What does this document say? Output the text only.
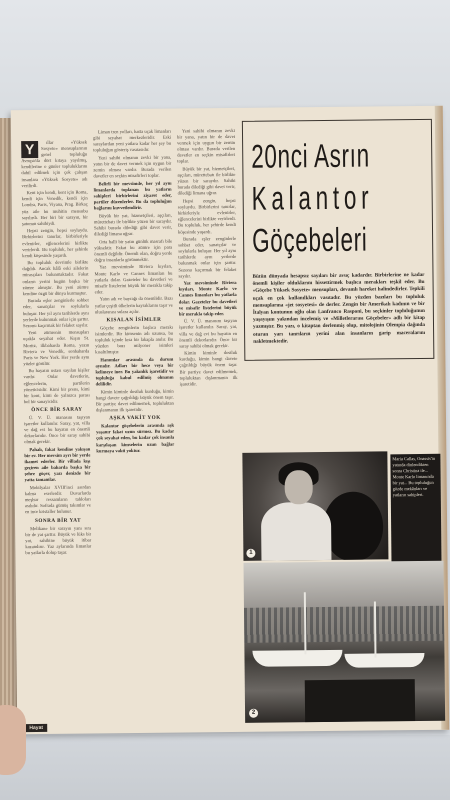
Y	ıllar «Yüksek Sosyete» mensuplarının genel topluluğu Avrupa'da dört kıtaya yayılmış, kendilerine o günler topluluklarını dahil edilmek için çok çalışan insanlara «Yüksek Sosyete» adı verilirdi.

Kent için kendi, kent için Roma, kendi için Venedik, kendi için Londra, Paris, Viyana, Prag. Birkaç yüz aile bu muhitin mensubu sayılırdı. Her biri bir sarayın, bir şatonun sahibiydi.

Hepsi zengin, hepsi soyluydu. Birbirlerini tanırlar, birbirleriyle evlenirler, eğlencelerini birlikte verirlerdi. Bu topluluk, her şehirde kendi köşesinde yaşardı.

Bu topluluk devrimle birlikte dağıldı. Ancak hâlâ eski ailelerin mirasçıları bulunmaktadır. Fakat onların yerini bugün başka bir zümre almıştır. Bu yeni zümre kendine özgü bir dünya kurmuştur.

Burada eşler zenginlerle sohbet eder, sanatçılar ve soylularla buluşur. Her yıl aynı tarihlerde aynı yerlerde bulunmak onlar için şarttır. Sezonu kaçırmak bir felaket sayılır.

Yeni zümrenin mensupları uçakla seyahat eder. Kışın St. Moritz, ilkbaharda Roma, yazın Riviera ve Venedik, sonbaharda Paris ve New York. Her yerde aynı yüzler görülür.

Bu hayatın ustası sayılan kişiler vardır. Onlar davetlerin, eğlencelerin, partilerin yöneticisidir. Kimi bir prens, kimi bir kont, kimi de yalnızca parası bol bir sanayicidir.

ÖNCE BİR SARAY

Ü. V. Ü. manasını taşıyan işaretler kullanılır. Saray, yat, villa ve dağ evi bu hayatın en önemli dekorlarıdır. Önce bir saray sahibi olmak gerekir.

Pahalı, fakat kendine yakışan bir ev. Her mevsim ayrı bir yerde ikamet ederler. Bir villada kışı geçiren aile baharda başka bir şehre göçer, yazı denizde bir yatta tamamlar.

Mobilyalar XVIII'inci asırdan kalma eserlerdir. Duvarlarda meşhur ressamların tabloları asılıdır. Sofrada gümüş takımlar ve en ince kristaller bulunur.

SONRA BİR YAT

Melikane bir sarayın yanı sıra bir de yat şarttır. Büyük ve lüks bir yat, sahibine büyük itibar kazandırır. Yaz aylarında limanlar bu yatlarla dolup taşar.

Liman tren yolları, hatta uçak limanları gibi seyahat merkezleridir. Eski saraylardan yeni yatlara kadar her şey bu topluluğun gösteriş vasıtasıdır.

Yeni sahibi olmanın zevki bir yana, yatın bir de davet vermek için uygun bir zemin olması vardır. Burada verilen davetler en seçkin misafirleri toplar.

Belirli bir mevsimde, her yıl aynı limanlarda toplanan bu yatların sahipleri birbirlerini ziyaret eder, partiler düzenlerler. Bu da topluluğun bağlarını kuvvetlendirir.

Büyük bir yat, hizmetçileri, aşçıları, mürettebatı ile birlikte yüzen bir saraydır. Sahibi burada dilediği gibi davet verir, dilediği limana uğrar.

Orta halli bir yatın günlük masrafı bile yüksektir. Fakat bu zümre için para önemli değildir. Önemli olan, doğru yerde doğru insanlarla görünmektir.

Yaz mevsiminde Riviera kıyıları, Monte Karlo ve Cannes limanları bu yatlarla dolar. Gazeteler bu davetleri ve misafir listelerini büyük bir merakla takip eder.

Yatın adı ve bayrağı da önemlidir. Bazı yatlar çeşitli ülkelerin bayraklarını taşır ve uluslararası sulara açılır.

KISALAN İSİMLER

Göçebe zenginlerin başlıca merakı isimlerdir. Bir kimsenin adı uzunsa, bu topluluk içinde kısa bir lakapla anılır. Bu yüzden bazı milyoner isimleri kısaltılmıştır.

Hanımlar arasında da durum aynıdır. Adları bir hece veya bir kelimeye iner. Bu yakınlık işaretidir ve topluluğa kabul edilmiş olmanın delilidir.

Kimin kiminle dostluk kurduğu, kimin hangi davete çağrıldığı büyük önem taşır. Bir partiye davet edilmemek, topluluktan dışlanmanın ilk işaretidir.

AŞKA VAKİT YOK

Kalantor göçebelerin arasında aşk yaşanır fakat uzun sürmez. Bu kadar çok seyahat eden, bu kadar çok insanla karşılaşan kimselerin uzun bağlar kurmaya vakti yoktur.

Yeni sahibi olmanın zevki bir yana, yatın bir de davet vermek için uygun bir zemin olması vardır. Burada verilen davetler en seçkin misafirleri toplar.

Büyük bir yat, hizmetçileri, aşçıları, mürettebatı ile birlikte yüzen bir saraydır. Sahibi burada dilediği gibi davet verir, dilediği limana uğrar.

Hepsi zengin, hepsi soyluydu. Birbirlerini tanırlar, birbirleriyle evlenirler, eğlencelerini birlikte verirlerdi. Bu topluluk, her şehirde kendi köşesinde yaşardı.

Burada eşler zenginlerle sohbet eder, sanatçılar ve soylularla buluşur. Her yıl aynı tarihlerde aynı yerlerde bulunmak onlar için şarttır. Sezonu kaçırmak bir felaket sayılır.

Yaz mevsiminde Riviera kıyıları, Monte Karlo ve Cannes limanları bu yatlarla dolar. Gazeteler bu davetleri ve misafir listelerini büyük bir merakla takip eder.

Ü. V. Ü. manasını taşıyan işaretler kullanılır. Saray, yat, villa ve dağ evi bu hayatın en önemli dekorlarıdır. Önce bir saray sahibi olmak gerekir.

Kimin kiminle dostluk kurduğu, kimin hangi davete çağrıldığı büyük önem taşır. Bir partiye davet edilmemek, topluluktan dışlanmanın ilk işaretidir.

20nci Asrın
Kalantor
Göçebeleri
Bütün dünyada hesapsız sayıları bir avuç kadardır. Birbirlerine ne kadar önemli kişiler olduklarını hissettirmek başlıca merakları teşkil eder. Bu «Göçebe Yüksek Sosyete» mensupları, devamlı hareket halindedirler. Tepkili uçak en çok kullanılkları vasıtadır. Bu yüzden bazıları bu topluluk mensuplarına «jet sosyetesi» de derler. Zengin bir Amerikalı kadının ve bir İtalyan kontunun oğlu olan Lanfranco Rasponi, bu seçkinler topluluğunun yaşayışını yakından incelemiş ve «Milletlerarası Göçebeler» adlı bir kitap yazmıştır. Bu yazı, o kitaptan derlenmiş olup, mitolojinin Olempia dağında oturan yarı tanrıların yerini alan insanların garip maceralarını nakletmektedir.
1
Maria Callas, Onassis'in yatında dinlendikten sonra Christina ile... Monte Karlo limanında bir yat... Bu topluluğun gözde mekânları ve yatların sahipleri.
2
Hayat
